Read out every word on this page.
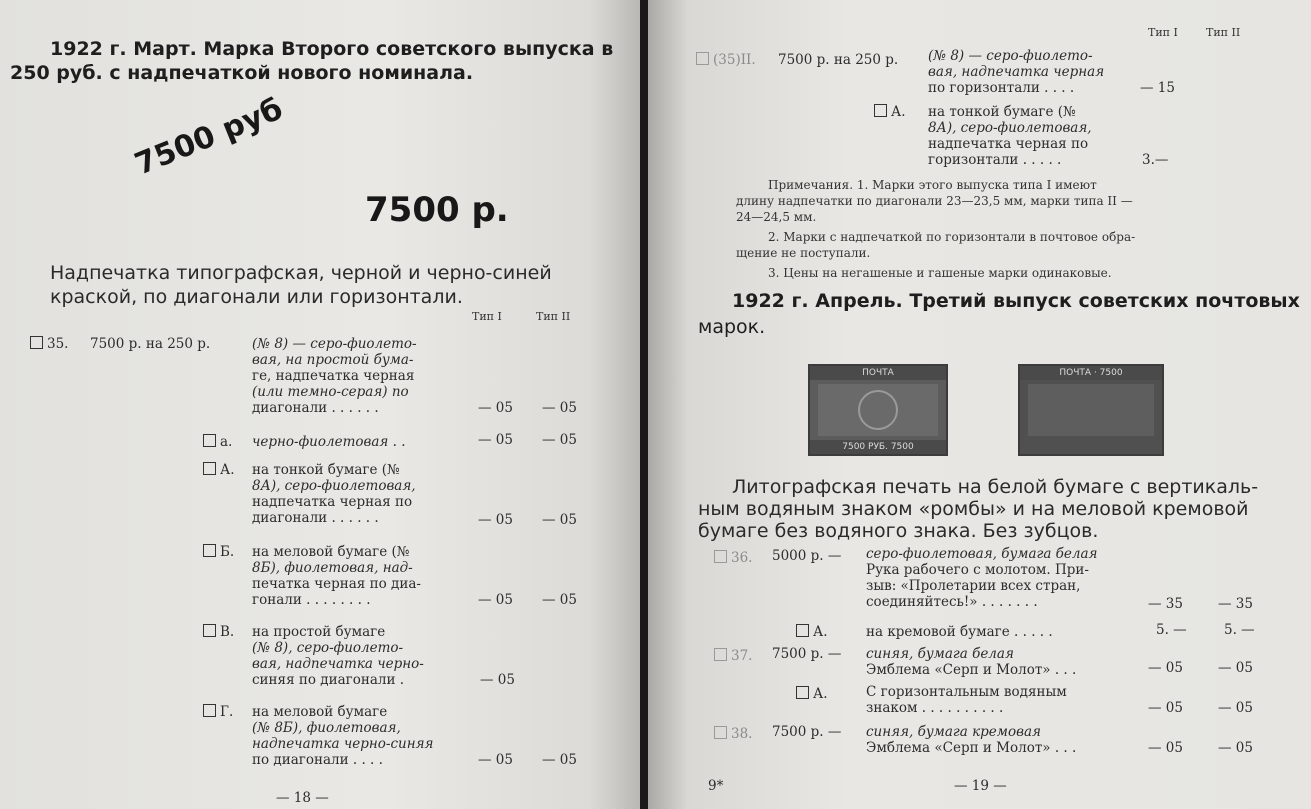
1922 г. Март. Марка Второго советского выпуска в
250 руб. с надпечаткой нового номинала.
7500 руб
7500 р.
Надпечатка типографская, черной и черно-синей
краской, по диагонали или горизонтали.
Тип I	Тип II
35. 7500 р. на 250 р.	(№ 8) — серо-фиолето-
вая, на простой бума-
ге, надпечатка черная
(или темно-серая) по
диагонали . . . . . .	— 05 — 05
а. черно-фиолетовая . .	— 05 — 05
А. на тонкой бумаге (№
8А), серо-фиолетовая,
надпечатка черная по
диагонали . . . . . .	— 05 — 05
Б. на меловой бумаге (№
8Б), фиолетовая, над-
печатка черная по диа-
гонали . . . . . . . .	— 05 — 05
В. на простой бумаге
(№ 8), серо-фиолето-
вая, надпечатка черно-
синяя по диагонали .	— 05
Г. на меловой бумаге
(№ 8Б), фиолетовая,
надпечатка черно-синяя
по диагонали . . . .	— 05 — 05
— 18 —
Тип I	Тип II
(35)II. 7500 р. на 250 р. (№ 8) — серо-фиолето-
вая, надпечатка черная
по горизонтали . . . .	— 15
А. на тонкой бумаге (№
8А), серо-фиолетовая,
надпечатка черная по
горизонтали . . . . .	3.—
Примечания. 1. Марки этого выпуска типа I имеют
длину надпечатки по диагонали 23—23,5 мм, марки типа II —
24—24,5 мм.
2. Марки с надпечаткой по горизонтали в почтовое обра-
щение не поступали.
3. Цены на негашеные и гашеные марки одинаковые.
1922 г. Апрель. Третий выпуск советских почтовых
марок.
ПОЧТА
7500 РУБ. 7500
ПОЧТА · 7500
Литографская печать на белой бумаге с вертикаль-
ным водяным знаком «ромбы» и на меловой кремовой
бумаге без водяного знака. Без зубцов.
36. 5000 р. — серо-фиолетовая, бумага белая
Рука рабочего с молотом. При-
зыв: «Пролетарии всех стран,
соединяйтесь!» . . . . . . .	— 35	— 35
А.	на кремовой бумаге . . . . .	5. —	5. —
37. 7500 р. — синяя, бумага белая
Эмблема «Серп и Молот» . . .	— 05	— 05
А.	С горизонтальным водяным
знаком . . . . . . . . . .	— 05	— 05
38. 7500 р. — синяя, бумага кремовая
Эмблема «Серп и Молот» . . .	— 05	— 05
9*	— 19 —
